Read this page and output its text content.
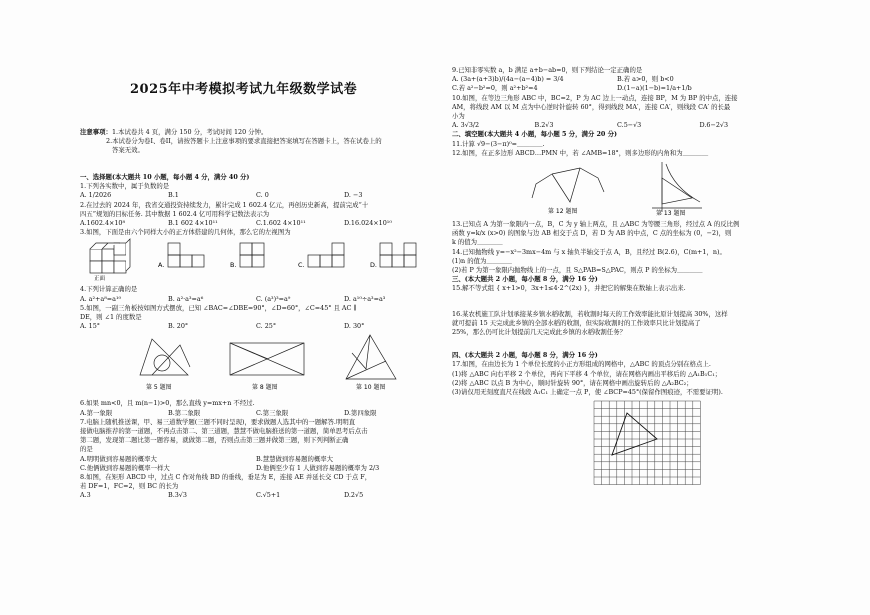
2025年中考模拟考试九年级数学试卷

注意事项：1.本试卷共 4 页，满分 150 分，考试时间 120 分钟。

2.本试卷分为卷I、卷II，请按答题卡上注意事项的要求直接把答案填写在答题卡上，答在试卷上的

答案无效。

一、选择题(本大题共 10 小题，每小题 4 分，满分 40 分)

1.下列各实数中，属于负数的是

A. 1/2026	B.1	C. 0	D. −3

2.在过去的 2024 年，我省交通投资持续发力，累计完成 1 602.4 亿元，再创历史新高，提前完成“十

四五”规划的目标任务. 其中数据 1 602.4 亿可用科学记数法表示为

A.1602.4×10⁸	B.1 602 4×10¹¹	C.1.602 4×10¹¹	D.16.024×10¹⁰

3.如图，下面是由六个同样大小的正方体搭建的几何体，那么它的左视图为

正面
A.	B.	C.	D.

4.下列计算正确的是

A. a²+a⁸=a¹⁰	B. a²·a³=a⁶	C. (a³)³=a⁹	D. a¹⁰÷a³=a³

5.如图，一副三角板按如图方式摆放，已知 ∠BAC=∠DBE=90°，∠D=60°，∠C=45° 且 AC ∥

DE，则 ∠1 的度数是

A. 15°	B. 20°	C. 25°	D. 30°
第 5 题图	第 8 题图	第 10 题图

6.如果 mn<0，且 m(n−1)>0，那么直线 y=mx+n 不经过.

A.第一象限	B.第二象限	C.第三象限	D.第四象限

7.电脑上随机推送课，甲、易三道数学题(三题不同时呈现)，要求做题人选其中的一题解答.明明直

接做电脑推荐的第一道题，不再点击第二、第三道题，慧慧不做电脑推送的第一道题，简单思考后点击

第二题，发现第二题比第一题容易，就做第二题，否则点击第三题并做第三题，则下列判断正确

的是

A.明明做到容易题的概率大	B.慧慧做到容易题的概率大
C.他俩做到容易题的概率一样大	D.他俩至少有 1 人做到容易题的概率为 2/3

8.如图，在矩形 ABCD 中，过点 C 作对角线 BD 的垂线，垂足为 E，连接 AE 并延长交 CD 于点 F，

若 DF=1，FC=2，则 BC 的长为

A.3	B.3√3	C.√5+1	D.2√5

9.已知非零实数 a，b 满足 a+b−ab=0，则下列结论一定正确的是

A. (3a+(a+3)b)/(4a−(a−4)b) = 3/4	B.若 a>0，则 b<0
C.若 a²−b²=0，则 a²+b²=4	D.(1−a)(1−b)=1/a+1/b

10.如图，在等边三角形 ABC 中，BC=2，P 为 AC 边上一动点，连接 BP，M 为 BP 的中点，连接

AM，将线段 AM 以 M 点为中心逆时针旋转 60°，得到线段 MA′，连接 CA′，则线段 CA′ 的长最

小为

A. 3√3/2	B.2√3	C.5−√3	D.6−2√3

二、填空题(本大题共 4 小题，每小题 5 分，满分 20 分)

11.计算 √9−(3−π)⁰=＿＿＿＿.

12.如图，在正多边形 ABCD…PMN 中，若 ∠AMB=18°，则多边形的内角和为＿＿＿＿

第 12 题图	第 13 题图

13.已知点 A 为第一象限内一点，B，C 为 y 轴上两点，且 △ABC 为等腰三角形，经过点 A 的反比例

函数 y=k/x (x>0) 的图象与边 AB 相交于点 D，若 D 为 AB 的中点，C 点的坐标为 (0，−2)，则

k 的值为＿＿＿＿

14.已知抛物线 y=−x²−3mx−4m 与 x 轴负半轴交于点 A，B，且经过 B(2.6)，C(m+1，n)。

(1)n 的值为＿＿＿＿

(2)若 P 为第一象限内抛物线上的一点，且 S△PAB=S△PAC，则点 P 的坐标为＿＿＿＿

三、(本大题共 2 小题，每小题 8 分，满分 16 分)

15.解不等式组 { x+1>0，3x+1≤4·2^(2x) }，并把它的解集在数轴上表示出来.

16.某农机施工队计划承接某乡镇水稻收割，若收割时每天的工作效率能比原计划提高 30%，这样

就可提前 15 天完成此乡镇的全部水稻的收割，但实际收割时的工作效率只比计划提高了

25%，那么仍可比计划提前几天完成此乡镇的水稻收割任务？

四、(本大题共 2 小题，每小题 8 分，满分 16 分)

17.如图，在由边长为 1 个单位长度的小正方形组成的网格中，△ABC 的顶点分别在格点上.

(1)将 △ABC 向右平移 2 个单位，再向下平移 4 个单位，请在网格内画出平移后的 △A₁B₁C₁；

(2)将 △ABC 以点 B 为中心，顺时针旋转 90°，请在网格中画出旋转后的 △A₂BC₂；

(3)请仅用无刻度直尺在线段 A₁C₁ 上确定一点 P，使 ∠BCP=45°(保留作图痕迹，不需要证明).
